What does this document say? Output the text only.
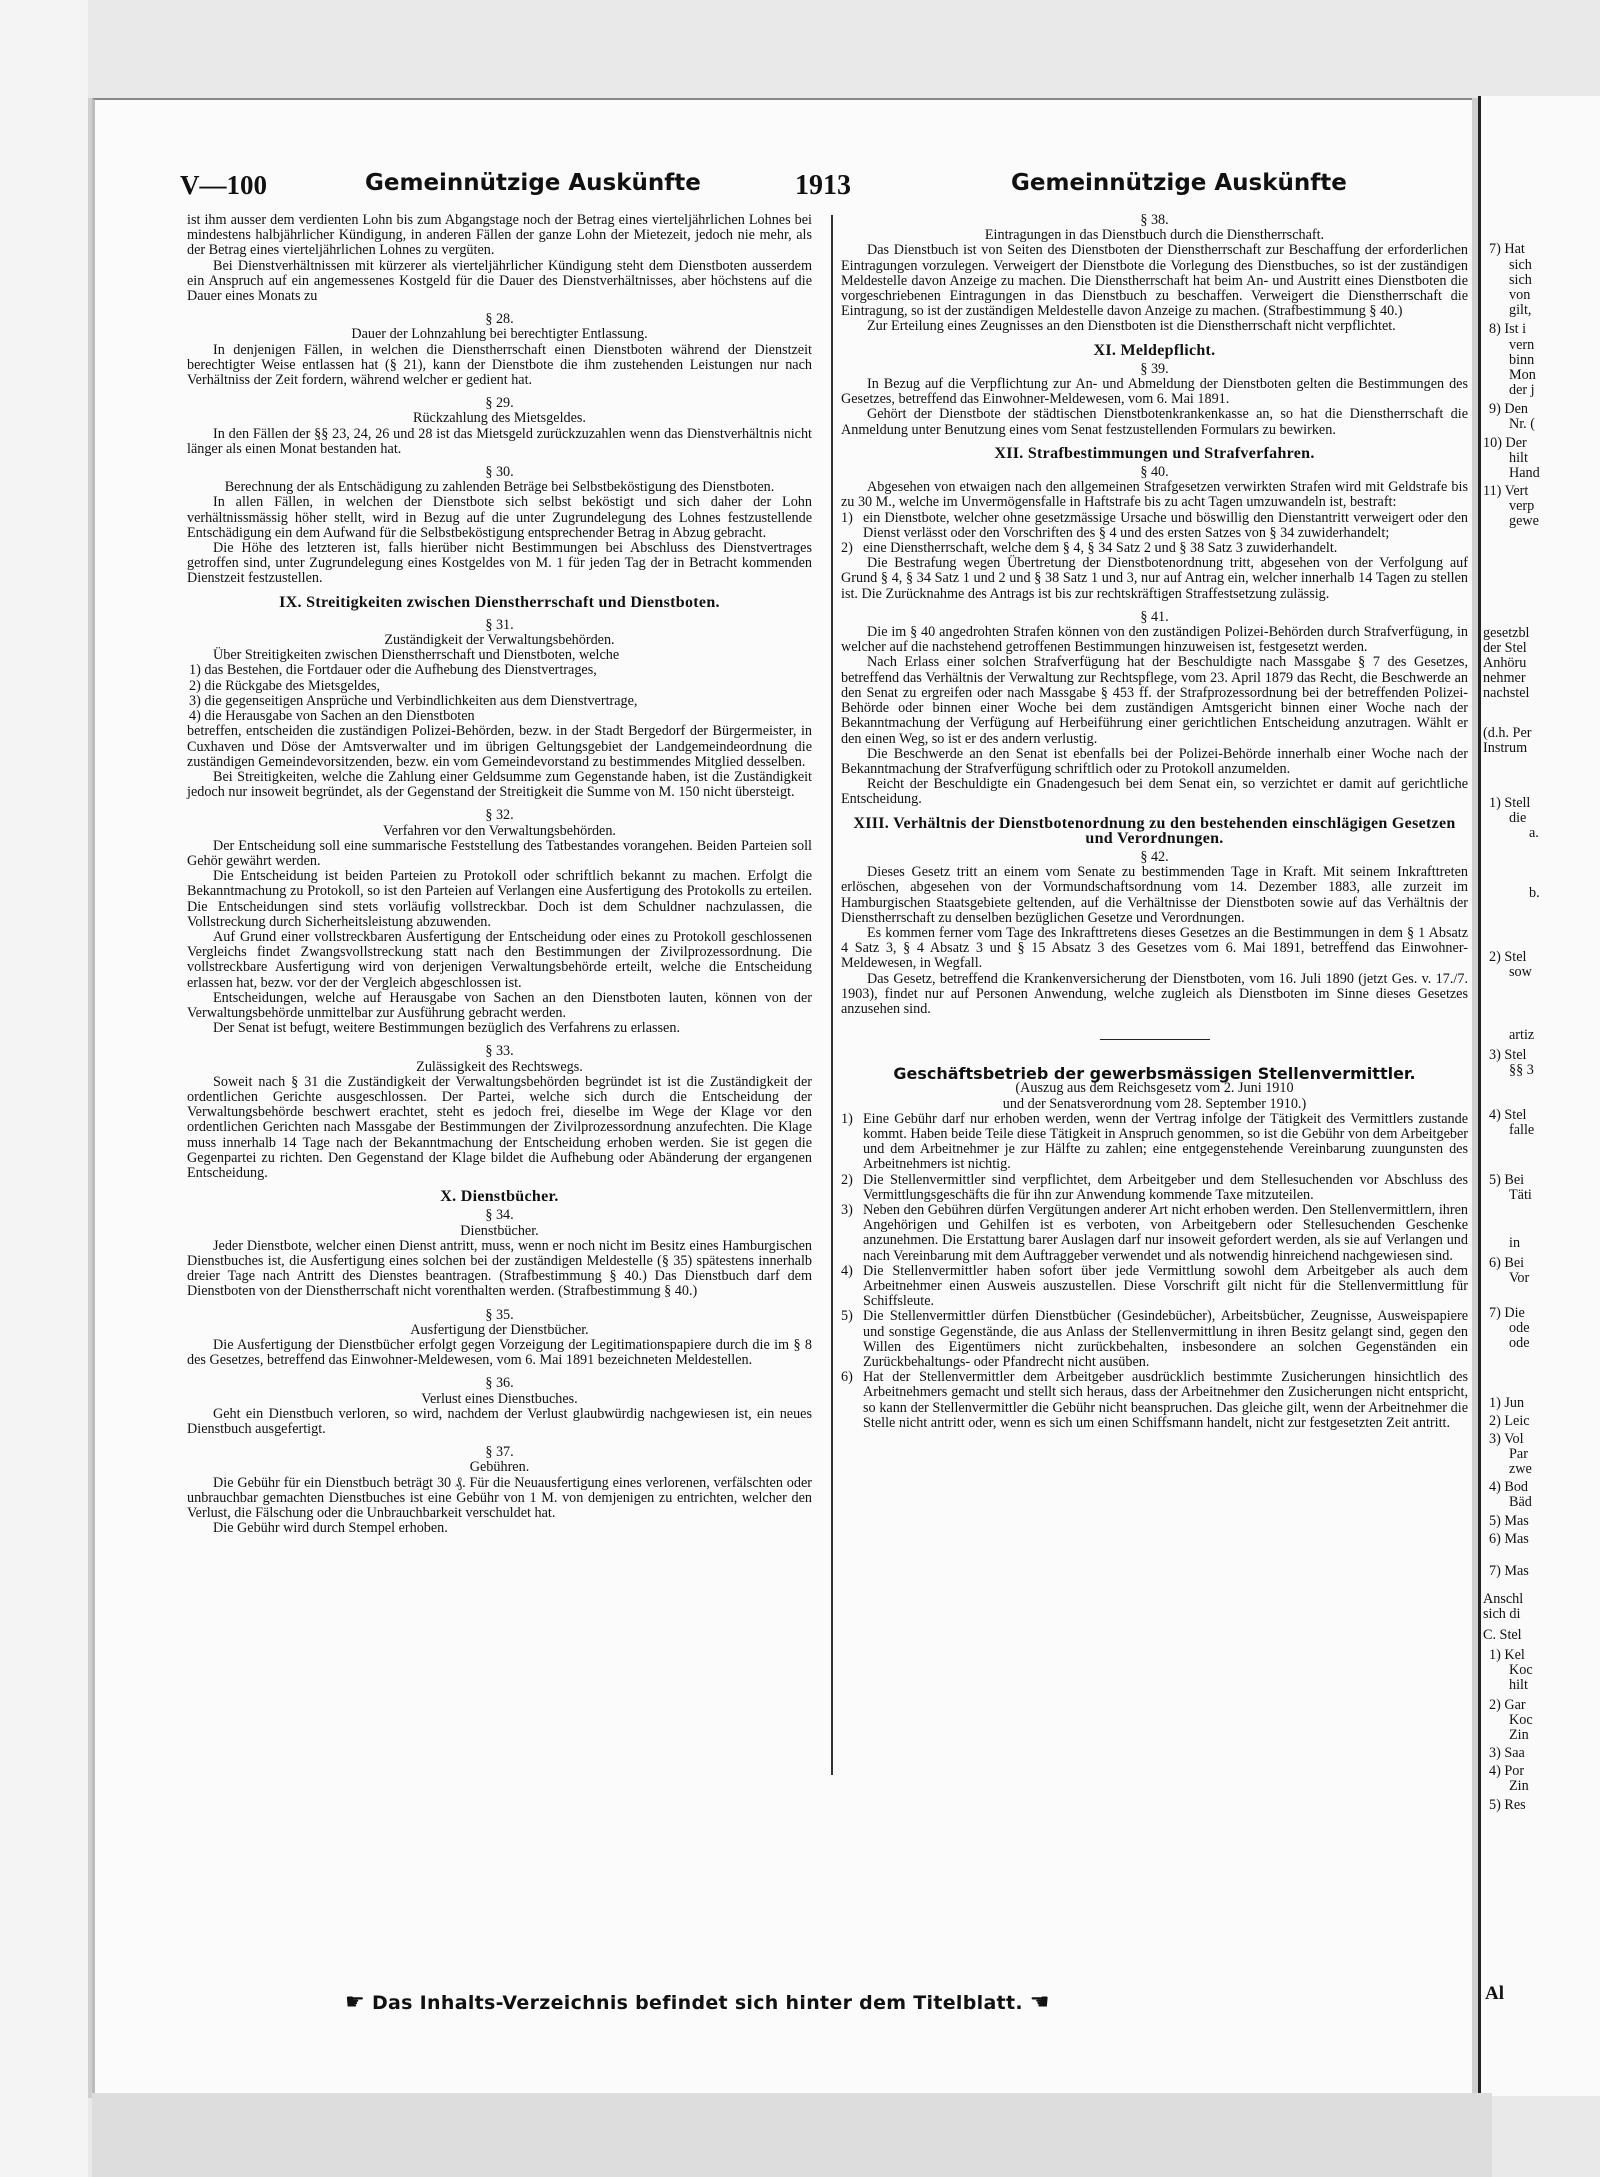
V—100	Gemeinnützige Auskünfte	1913	Gemeinnützige Auskünfte

ist ihm ausser dem verdienten Lohn bis zum Abgangstage noch der Betrag eines vierteljährlichen Lohnes bei mindestens halbjährlicher Kündigung, in anderen Fällen der ganze Lohn der Mietezeit, jedoch nie mehr, als der Betrag eines vierteljährlichen Lohnes zu vergüten.

Bei Dienstverhältnissen mit kürzerer als vierteljährlicher Kündigung steht dem Dienstboten ausserdem ein Anspruch auf ein angemessenes Kostgeld für die Dauer des Dienstverhältnisses, aber höchstens auf die Dauer eines Monats zu

§ 28.
Dauer der Lohnzahlung bei berechtigter Entlassung.

In denjenigen Fällen, in welchen die Dienstherrschaft einen Dienstboten während der Dienstzeit berechtigter Weise entlassen hat (§ 21), kann der Dienstbote die ihm zustehenden Leistungen nur nach Verhältniss der Zeit fordern, während welcher er gedient hat.

§ 29.
Rückzahlung des Mietsgeldes.

In den Fällen der §§ 23, 24, 26 und 28 ist das Mietsgeld zurückzuzahlen wenn das Dienstverhältnis nicht länger als einen Monat bestanden hat.

§ 30.
Berechnung der als Entschädigung zu zahlenden Beträge bei Selbstbeköstigung des Dienstboten.

In allen Fällen, in welchen der Dienstbote sich selbst beköstigt und sich daher der Lohn verhältnissmässig höher stellt, wird in Bezug auf die unter Zugrundelegung des Lohnes festzustellende Entschädigung ein dem Aufwand für die Selbstbeköstigung entsprechender Betrag in Abzug gebracht.

Die Höhe des letzteren ist, falls hierüber nicht Bestimmungen bei Abschluss des Dienstvertrages getroffen sind, unter Zugrundelegung eines Kostgeldes von M. 1 für jeden Tag der in Betracht kommenden Dienstzeit festzustellen.

IX. Streitigkeiten zwischen Dienstherrschaft und Dienstboten.
§ 31.
Zuständigkeit der Verwaltungsbehörden.

Über Streitigkeiten zwischen Dienstherrschaft und Dienstboten, welche

1) das Bestehen, die Fortdauer oder die Aufhebung des Dienstvertrages,
2) die Rückgabe des Mietsgeldes,
3) die gegenseitigen Ansprüche und Verbindlichkeiten aus dem Dienstvertrage,
4) die Herausgabe von Sachen an den Dienstboten

betreffen, entscheiden die zuständigen Polizei-Behörden, bezw. in der Stadt Bergedorf der Bürgermeister, in Cuxhaven und Döse der Amtsverwalter und im übrigen Geltungsgebiet der Landgemeindeordnung die zuständigen Gemeindevorsitzenden, bezw. ein vom Gemeindevorstand zu bestimmendes Mitglied desselben.

Bei Streitigkeiten, welche die Zahlung einer Geldsumme zum Gegenstande haben, ist die Zuständigkeit jedoch nur insoweit begründet, als der Gegenstand der Streitigkeit die Summe von M. 150 nicht übersteigt.

§ 32.
Verfahren vor den Verwaltungsbehörden.

Der Entscheidung soll eine summarische Feststellung des Tatbestandes vorangehen. Beiden Parteien soll Gehör gewährt werden.

Die Entscheidung ist beiden Parteien zu Protokoll oder schriftlich bekannt zu machen. Erfolgt die Bekanntmachung zu Protokoll, so ist den Parteien auf Verlangen eine Ausfertigung des Protokolls zu erteilen. Die Entscheidungen sind stets vorläufig vollstreckbar. Doch ist dem Schuldner nachzulassen, die Vollstreckung durch Sicherheitsleistung abzuwenden.

Auf Grund einer vollstreckbaren Ausfertigung der Entscheidung oder eines zu Protokoll geschlossenen Vergleichs findet Zwangsvollstreckung statt nach den Bestimmungen der Zivilprozessordnung. Die vollstreckbare Ausfertigung wird von derjenigen Verwaltungsbehörde erteilt, welche die Entscheidung erlassen hat, bezw. vor der der Vergleich abgeschlossen ist.

Entscheidungen, welche auf Herausgabe von Sachen an den Dienstboten lauten, können von der Verwaltungsbehörde unmittelbar zur Ausführung gebracht werden.

Der Senat ist befugt, weitere Bestimmungen bezüglich des Verfahrens zu erlassen.

§ 33.
Zulässigkeit des Rechtswegs.

Soweit nach § 31 die Zuständigkeit der Verwaltungsbehörden begründet ist ist die Zuständigkeit der ordentlichen Gerichte ausgeschlossen. Der Partei, welche sich durch die Entscheidung der Verwaltungsbehörde beschwert erachtet, steht es jedoch frei, dieselbe im Wege der Klage vor den ordentlichen Gerichten nach Massgabe der Bestimmungen der Zivilprozessordnung anzufechten. Die Klage muss innerhalb 14 Tage nach der Bekanntmachung der Entscheidung erhoben werden. Sie ist gegen die Gegenpartei zu richten. Den Gegenstand der Klage bildet die Aufhebung oder Abänderung der ergangenen Entscheidung.

X. Dienstbücher.
§ 34.
Dienstbücher.

Jeder Dienstbote, welcher einen Dienst antritt, muss, wenn er noch nicht im Besitz eines Hamburgischen Dienstbuches ist, die Ausfertigung eines solchen bei der zuständigen Meldestelle (§ 35) spätestens innerhalb dreier Tage nach Antritt des Dienstes beantragen. (Strafbestimmung § 40.) Das Dienstbuch darf dem Dienstboten von der Dienstherrschaft nicht vorenthalten werden. (Strafbestimmung § 40.)

§ 35.
Ausfertigung der Dienstbücher.

Die Ausfertigung der Dienstbücher erfolgt gegen Vorzeigung der Legitimationspapiere durch die im § 8 des Gesetzes, betreffend das Einwohner-Meldewesen, vom 6. Mai 1891 bezeichneten Meldestellen.

§ 36.
Verlust eines Dienstbuches.

Geht ein Dienstbuch verloren, so wird, nachdem der Verlust glaubwürdig nachgewiesen ist, ein neues Dienstbuch ausgefertigt.

§ 37.
Gebühren.

Die Gebühr für ein Dienstbuch beträgt 30 ₰. Für die Neuausfertigung eines verlorenen, verfälschten oder unbrauchbar gemachten Dienstbuches ist eine Gebühr von 1 M. von demjenigen zu entrichten, welcher den Verlust, die Fälschung oder die Unbrauchbarkeit verschuldet hat.

Die Gebühr wird durch Stempel erhoben.

§ 38.
Eintragungen in das Dienstbuch durch die Dienstherrschaft.

Das Dienstbuch ist von Seiten des Dienstboten der Dienstherrschaft zur Beschaffung der erforderlichen Eintragungen vorzulegen. Verweigert der Dienstbote die Vorlegung des Dienstbuches, so ist der zuständigen Meldestelle davon Anzeige zu machen. Die Dienstherrschaft hat beim An- und Austritt eines Dienstboten die vorgeschriebenen Eintragungen in das Dienstbuch zu beschaffen. Verweigert die Dienstherrschaft die Eintragung, so ist der zuständigen Meldestelle davon Anzeige zu machen. (Strafbestimmung § 40.)

Zur Erteilung eines Zeugnisses an den Dienstboten ist die Dienstherrschaft nicht verpflichtet.

XI. Meldepflicht.
§ 39.

In Bezug auf die Verpflichtung zur An- und Abmeldung der Dienstboten gelten die Bestimmungen des Gesetzes, betreffend das Einwohner-Meldewesen, vom 6. Mai 1891.

Gehört der Dienstbote der städtischen Dienstbotenkrankenkasse an, so hat die Dienstherrschaft die Anmeldung unter Benutzung eines vom Senat festzustellenden Formulars zu bewirken.

XII. Strafbestimmungen und Strafverfahren.
§ 40.

Abgesehen von etwaigen nach den allgemeinen Strafgesetzen verwirkten Strafen wird mit Geldstrafe bis zu 30 M., welche im Unvermögensfalle in Haftstrafe bis zu acht Tagen umzuwandeln ist, bestraft:

1) ein Dienstbote, welcher ohne gesetzmässige Ursache und böswillig den Dienstantritt verweigert oder den Dienst verlässt oder den Vorschriften des § 4 und des ersten Satzes von § 34 zuwiderhandelt;
2) eine Dienstherrschaft, welche dem § 4, § 34 Satz 2 und § 38 Satz 3 zuwiderhandelt.

Die Bestrafung wegen Übertretung der Dienstbotenordnung tritt, abgesehen von der Verfolgung auf Grund § 4, § 34 Satz 1 und 2 und § 38 Satz 1 und 3, nur auf Antrag ein, welcher innerhalb 14 Tagen zu stellen ist. Die Zurücknahme des Antrags ist bis zur rechtskräftigen Straffestsetzung zulässig.

§ 41.

Die im § 40 angedrohten Strafen können von den zuständigen Polizei-Behörden durch Strafverfügung, in welcher auf die nachstehend getroffenen Bestimmungen hinzuweisen ist, festgesetzt werden.

Nach Erlass einer solchen Strafverfügung hat der Beschuldigte nach Massgabe § 7 des Gesetzes, betreffend das Verhältnis der Verwaltung zur Rechtspflege, vom 23. April 1879 das Recht, die Beschwerde an den Senat zu ergreifen oder nach Massgabe § 453 ff. der Strafprozessordnung bei der betreffenden Polizei-Behörde oder binnen einer Woche bei dem zuständigen Amtsgericht binnen einer Woche nach der Bekanntmachung der Verfügung auf Herbeiführung einer gerichtlichen Entscheidung anzutragen. Wählt er den einen Weg, so ist er des andern verlustig.

Die Beschwerde an den Senat ist ebenfalls bei der Polizei-Behörde innerhalb einer Woche nach der Bekanntmachung der Strafverfügung schriftlich oder zu Protokoll anzumelden.

Reicht der Beschuldigte ein Gnadengesuch bei dem Senat ein, so verzichtet er damit auf gerichtliche Entscheidung.

XIII. Verhältnis der Dienstbotenordnung zu den bestehenden einschlägigen Gesetzen und Verordnungen.
§ 42.

Dieses Gesetz tritt an einem vom Senate zu bestimmenden Tage in Kraft. Mit seinem Inkrafttreten erlöschen, abgesehen von der Vormundschaftsordnung vom 14. Dezember 1883, alle zurzeit im Hamburgischen Staatsgebiete geltenden, auf die Verhältnisse der Dienstboten sowie auf das Verhältnis der Dienstherrschaft zu denselben bezüglichen Gesetze und Verordnungen.

Es kommen ferner vom Tage des Inkrafttretens dieses Gesetzes an die Bestimmungen in dem § 1 Absatz 4 Satz 3, § 4 Absatz 3 und § 15 Absatz 3 des Gesetzes vom 6. Mai 1891, betreffend das Einwohner-Meldewesen, in Wegfall.

Das Gesetz, betreffend die Krankenversicherung der Dienstboten, vom 16. Juli 1890 (jetzt Ges. v. 17./7. 1903), findet nur auf Personen Anwendung, welche zugleich als Dienstboten im Sinne dieses Gesetzes anzusehen sind.

Geschäftsbetrieb der gewerbsmässigen Stellenvermittler.
(Auszug aus dem Reichsgesetz vom 2. Juni 1910
und der Senatsverordnung vom 28. September 1910.)
1) Eine Gebühr darf nur erhoben werden, wenn der Vertrag infolge der Tätigkeit des Vermittlers zustande kommt. Haben beide Teile diese Tätigkeit in Anspruch genommen, so ist die Gebühr von dem Arbeitgeber und dem Arbeitnehmer je zur Hälfte zu zahlen; eine entgegenstehende Vereinbarung zuungunsten des Arbeitnehmers ist nichtig.
2) Die Stellenvermittler sind verpflichtet, dem Arbeitgeber und dem Stellesuchenden vor Abschluss des Vermittlungsgeschäfts die für ihn zur Anwendung kommende Taxe mitzuteilen.
3) Neben den Gebühren dürfen Vergütungen anderer Art nicht erhoben werden. Den Stellenvermittlern, ihren Angehörigen und Gehilfen ist es verboten, von Arbeitgebern oder Stellesuchenden Geschenke anzunehmen. Die Erstattung barer Auslagen darf nur insoweit gefordert werden, als sie auf Verlangen und nach Vereinbarung mit dem Auftraggeber verwendet und als notwendig hinreichend nachgewiesen sind.
4) Die Stellenvermittler haben sofort über jede Vermittlung sowohl dem Arbeitgeber als auch dem Arbeitnehmer einen Ausweis auszustellen. Diese Vorschrift gilt nicht für die Stellenvermittlung für Schiffsleute.
5) Die Stellenvermittler dürfen Dienstbücher (Gesindebücher), Arbeitsbücher, Zeugnisse, Ausweispapiere und sonstige Gegenstände, die aus Anlass der Stellenvermittlung in ihren Besitz gelangt sind, gegen den Willen des Eigentümers nicht zurückbehalten, insbesondere an solchen Gegenständen ein Zurückbehaltungs- oder Pfandrecht nicht ausüben.
6) Hat der Stellenvermittler dem Arbeitgeber ausdrücklich bestimmte Zusicherungen hinsichtlich des Arbeitnehmers gemacht und stellt sich heraus, dass der Arbeitnehmer den Zusicherungen nicht entspricht, so kann der Stellenvermittler die Gebühr nicht beanspruchen. Das gleiche gilt, wenn der Arbeitnehmer die Stelle nicht antritt oder, wenn es sich um einen Schiffsmann handelt, nicht zur festgesetzten Zeit antritt.
☛ Das Inhalts-Verzeichnis befindet sich hinter dem Titelblatt. ☚
7) Hat
sich
sich
von
gilt,
8) Ist i
vern
binn
Mon
der j
9) Den
Nr. (
10) Der
hilt
Hand
11) Vert
verp
gewe
gesetzbl
der Stel
Anhöru
nehmer
nachstel
(d.h. Per
Instrum
1) Stell
die
a.
b.
2) Stel
sow
artiz
3) Stel
§§ 3
4) Stel
falle
5) Bei
Täti
in
6) Bei
Vor
7) Die
ode
ode
1) Jun
2) Leic
3) Vol
Par
zwe
4) Bod
Bäd
5) Mas
6) Mas
7) Mas
Anschl
sich di
C. Stel
1) Kel
Koc
hilt
2) Gar
Koc
Zin
3) Saa
4) Por
Zin
5) Res
Al
